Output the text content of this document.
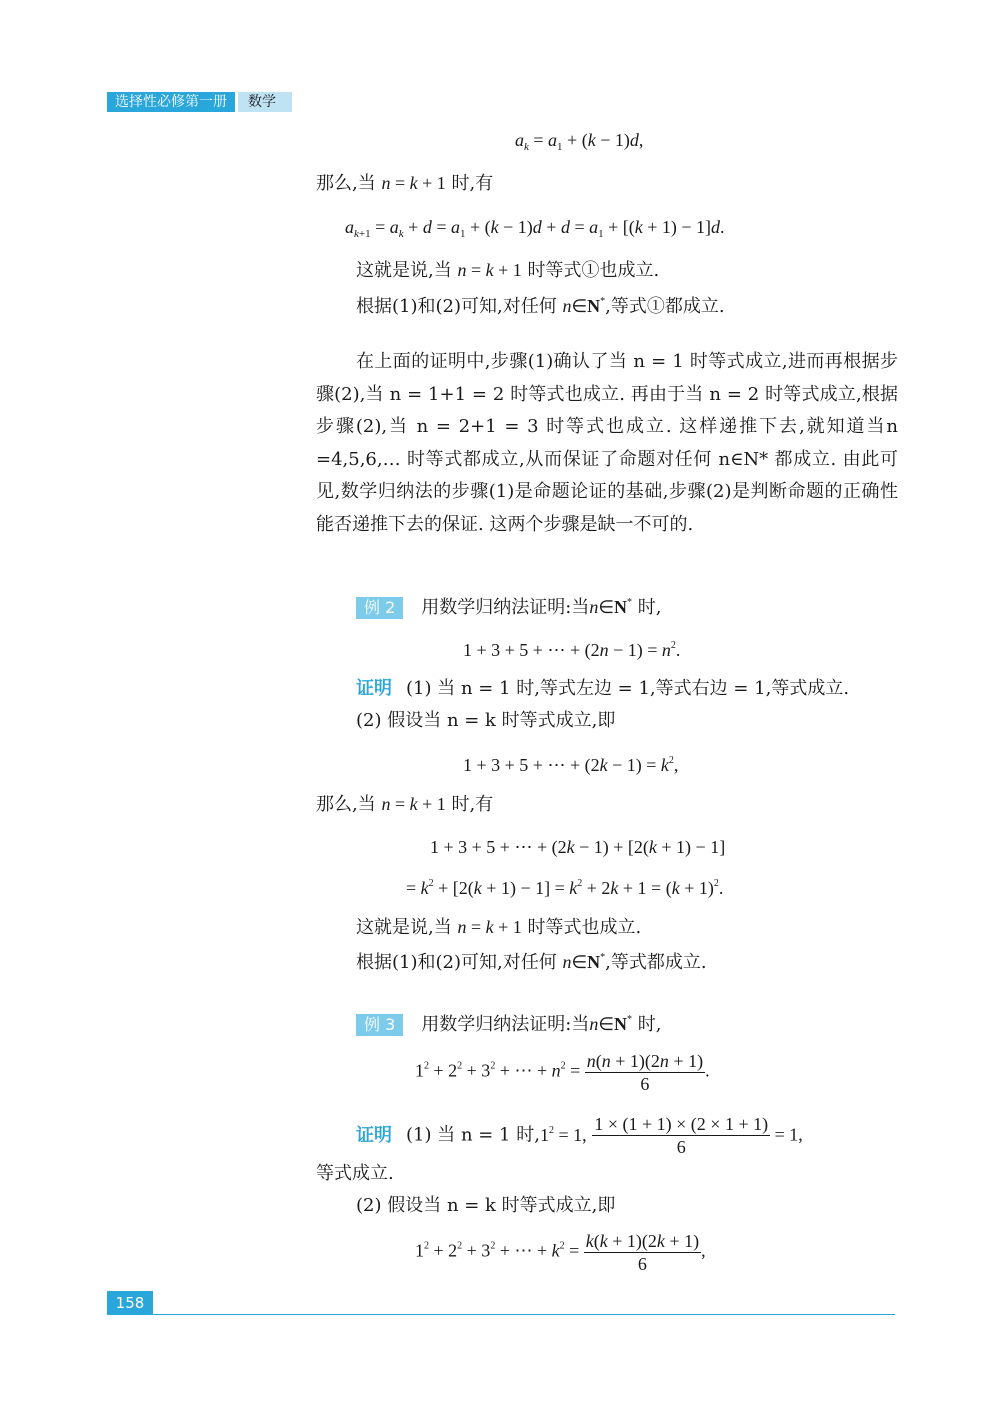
选择性必修第一册	数学
$a_k = a_1 + (k - 1)d$,
那么,当 n = k + 1 时,有
$a_{k+1} = a_k + d = a_1 + (k - 1)d + d = a_1 + [(k + 1) - 1]d$.
这就是说,当 n = k + 1 时等式①也成立.
根据(1)和(2)可知,对任何 n∈N*,等式①都成立.
在上面的证明中,步骤(1)确认了当 n = 1 时等式成立,进而再根据步骤(2),当 n = 1+1 = 2 时等式也成立. 再由于当 n = 2 时等式成立,根据步骤(2),当 n = 2+1 = 3 时等式也成立. 这样递推下去,就知道当n =4,5,6,… 时等式都成立,从而保证了命题对任何 n∈N* 都成立. 由此可见,数学归纳法的步骤(1)是命题论证的基础,步骤(2)是判断命题的正确性能否递推下去的保证. 这两个步骤是缺一不可的.
例 2 用数学归纳法证明:当n∈N* 时,
1 + 3 + 5 + ⋯ + $(2n - 1) = n^2$.
证明 (1) 当 n = 1 时,等式左边 = 1,等式右边 = 1,等式成立.
(2) 假设当 n = k 时等式成立,即
1 + 3 + 5 + ⋯ + $(2k - 1) = k^2$,
那么,当 n = k + 1 时,有
1 + 3 + 5 + ⋯ + (2k − 1) + [2(k + 1) − 1]
= $k^2 + [2(k + 1) - 1] = k^2 + 2k + 1 = (k + 1)^2$.
这就是说,当 n = k + 1 时等式也成立.
根据(1)和(2)可知,对任何 n∈N*,等式都成立.
例 3 用数学归纳法证明:当n∈N* 时,
$1^2 + 2^2 + 3^2$ + ⋯ + $n^2 = \frac{n(n + 1)(2n + 1)}{6}$ .
证明 (1) 当 n = 1 时$,1^2 = 1$, $\frac{1 \times (1 + 1) \times (2 \times 1 + 1)}{6} = 1$,
等式成立.
(2) 假设当 n = k 时等式成立,即
$1^2 + 2^2 + 3^2$ + ⋯ + $k^2 = \frac{k(k + 1)(2k + 1)}{6}$ ,
158
